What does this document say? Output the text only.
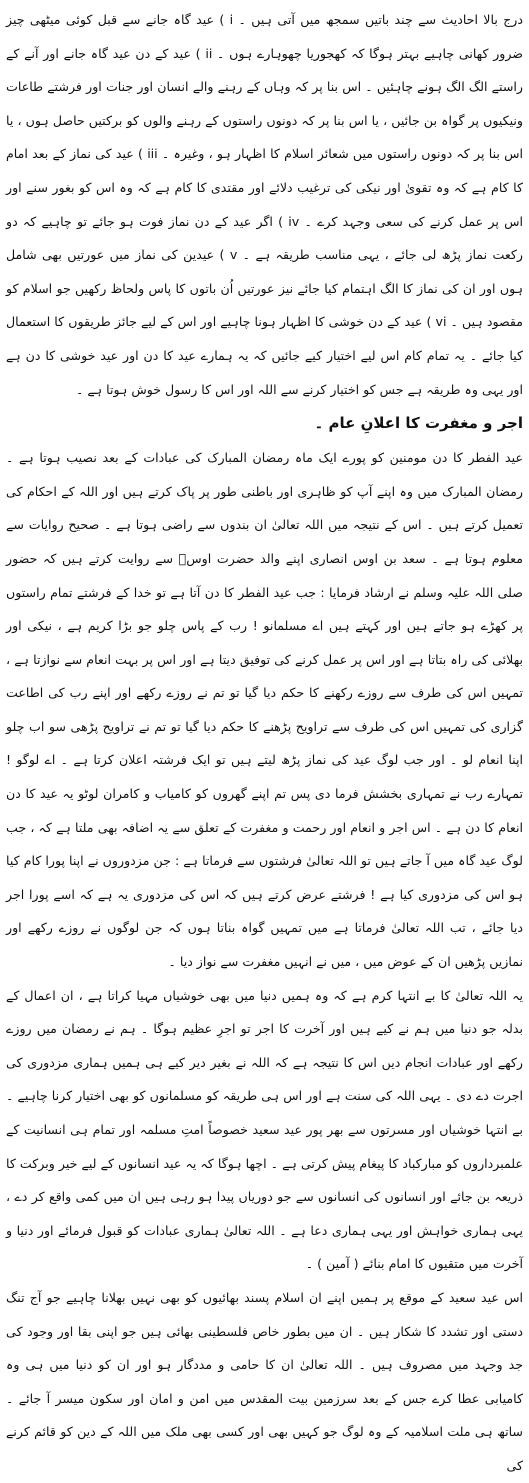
درج بالا احادیث سے چند باتیں سمجھ میں آتی ہیں ۔ i ) عید گاہ جانے سے قبل کوئی میٹھی چیز ضرور کھانی چاہیے بہتر ہوگا کہ کھجوریا چھوہارے ہوں ۔ ii ) عید کے دن عید گاہ جانے اور آنے کے راستے الگ الگ ہونے چاہئیں ۔ اس بنا پر کہ وہاں کے رہنے والے انسان اور جنات اور فرشتے طاعات ونیکیوں پر گواہ بن جائیں ، یا اس بنا پر کہ دونوں راستوں کے رہنے والوں کو برکتیں حاصل ہوں ، یا اس بنا پر کہ دونوں راستوں میں شعائر اسلام کا اظہار ہو ، وغیرہ ۔ iii ) عید کی نماز کے بعد امام کا کام ہے کہ وہ تقویٰ اور نیکی کی ترغیب دلائے اور مقتدی کا کام ہے کہ وہ اس کو بغور سنے اور اس پر عمل کرنے کی سعی وجہد کرے ۔ iv ) اگر عید کے دن نماز فوت ہو جائے تو چاہیے کہ دو رکعت نماز پڑھ لی جائے ، یہی مناسب طریقہ ہے ۔ v ) عیدین کی نماز میں عورتیں بھی شامل ہوں اور ان کی نماز کا الگ اہتمام کیا جائے نیز عورتیں اُن باتوں کا پاس ولحاظ رکھیں جو اسلام کو مقصود ہیں ۔ vi ) عید کے دن خوشی کا اظہار ہونا چاہیے اور اس کے لیے جائز طریقوں کا استعمال کیا جائے ۔ یہ تمام کام اس لیے اختیار کیے جائیں کہ یہ ہمارے عید کا دن اور عید خوشی کا دن ہے اور یہی وہ طریقہ ہے جس کو اختیار کرنے سے اللہ اور اس کا رسول خوش ہوتا ہے ۔

اجر و مغفرت کا اعلانِ عام ۔

عید الفطر کا دن مومنین کو پورے ایک ماہ رمضان المبارک کی عبادات کے بعد نصیب ہوتا ہے ۔ رمضان المبارک میں وہ اپنے آپ کو ظاہری اور باطنی طور پر پاک کرتے ہیں اور اللہ کے احکام کی تعمیل کرتے ہیں ۔ اس کے نتیجہ میں اللہ تعالیٰ ان بندوں سے راضی ہوتا ہے ۔ صحیح روایات سے معلوم ہوتا ہے ۔ سعد بن اوس انصاری اپنے والد حضرت اوسؓ سے روایت کرتے ہیں کہ حضور صلی اللہ علیہ وسلم نے ارشاد فرمایا : جب عید الفطر کا دن آتا ہے تو خدا کے فرشتے تمام راستوں پر کھڑے ہو جاتے ہیں اور کہتے ہیں اے مسلمانو ! رب کے پاس چلو جو بڑا کریم ہے ، نیکی اور بھلائی کی راہ بتاتا ہے اور اس پر عمل کرنے کی توفیق دیتا ہے اور اس پر بہت انعام سے نوازتا ہے ، تمہیں اس کی طرف سے روزے رکھنے کا حکم دیا گیا تو تم نے روزے رکھے اور اپنے رب کی اطاعت گزاری کی تمہیں اس کی طرف سے تراویح پڑھنے کا حکم دیا گیا تو تم نے تراویح پڑھی سو اب چلو اپنا انعام لو ۔ اور جب لوگ عید کی نماز پڑھ لیتے ہیں تو ایک فرشتہ اعلان کرتا ہے ۔ اے لوگو ! تمہارے رب نے تمہاری بخشش فرما دی پس تم اپنے گھروں کو کامیاب و کامران لوٹو یہ عید کا دن انعام کا دن ہے ۔ اس اجر و انعام اور رحمت و مغفرت کے تعلق سے یہ اضافہ بھی ملتا ہے کہ ، جب لوگ عید گاہ میں آ جاتے ہیں تو اللہ تعالیٰ فرشتوں سے فرماتا ہے : جن مزدوروں نے اپنا پورا کام کیا ہو اس کی مزدوری کیا ہے ! فرشتے عرض کرتے ہیں کہ اس کی مزدوری یہ ہے کہ اسے پورا اجر دیا جائے ، تب اللہ تعالیٰ فرماتا ہے میں تمہیں گواہ بناتا ہوں کہ جن لوگوں نے روزے رکھے اور نمازیں پڑھیں ان کے عوض میں ، میں نے انہیں مغفرت سے نواز دیا ۔

یہ اللہ تعالیٰ کا بے انتہا کرم ہے کہ وہ ہمیں دنیا میں بھی خوشیاں مہیا کراتا ہے ، ان اعمال کے بدلہ جو دنیا میں ہم نے کیے ہیں اور آخرت کا اجر تو اجرِ عظیم ہوگا ۔ ہم نے رمضان میں روزے رکھے اور عبادات انجام دیں اس کا نتیجہ ہے کہ اللہ نے بغیر دیر کیے ہی ہمیں ہماری مزدوری کی اجرت دے دی ۔ یہی اللہ کی سنت ہے اور اس ہی طریقہ کو مسلمانوں کو بھی اختیار کرنا چاہیے ۔ بے انتہا خوشیاں اور مسرتوں سے بھر پور عید سعید خصوصاً امتِ مسلمہ اور تمام ہی انسانیت کے علمبرداروں کو مبارکباد کا پیغام پیش کرتی ہے ۔ اچھا ہوگا کہ یہ عید انسانوں کے لیے خیر وبرکت کا ذریعہ بن جائے اور انسانوں کی انسانوں سے جو دوریاں پیدا ہو رہی ہیں ان میں کمی واقع کر دے ، یہی ہماری خواہش اور یہی ہماری دعا ہے ۔ اللہ تعالیٰ ہماری عبادات کو قبول فرمائے اور دنیا و آخرت میں متقیوں کا امام بنائے ( آمین ) ۔

اس عید سعید کے موقع پر ہمیں اپنے ان اسلام پسند بھائیوں کو بھی نہیں بھلانا چاہیے جو آج تنگ دستی اور تشدد کا شکار ہیں ۔ ان میں بطور خاص فلسطینی بھائی ہیں جو اپنی بقا اور وجود کی جد وجہد میں مصروف ہیں ۔ اللہ تعالیٰ ان کا حامی و مددگار ہو اور ان کو دنیا میں ہی وہ کامیابی عطا کرے جس کے بعد سرزمین بیت المقدس میں امن و امان اور سکون میسر آ جائے ۔ ساتھ ہی ملت اسلامیہ کے وہ لوگ جو کہیں بھی اور کسی بھی ملک میں اللہ کے دین کو قائم کرنے کی
